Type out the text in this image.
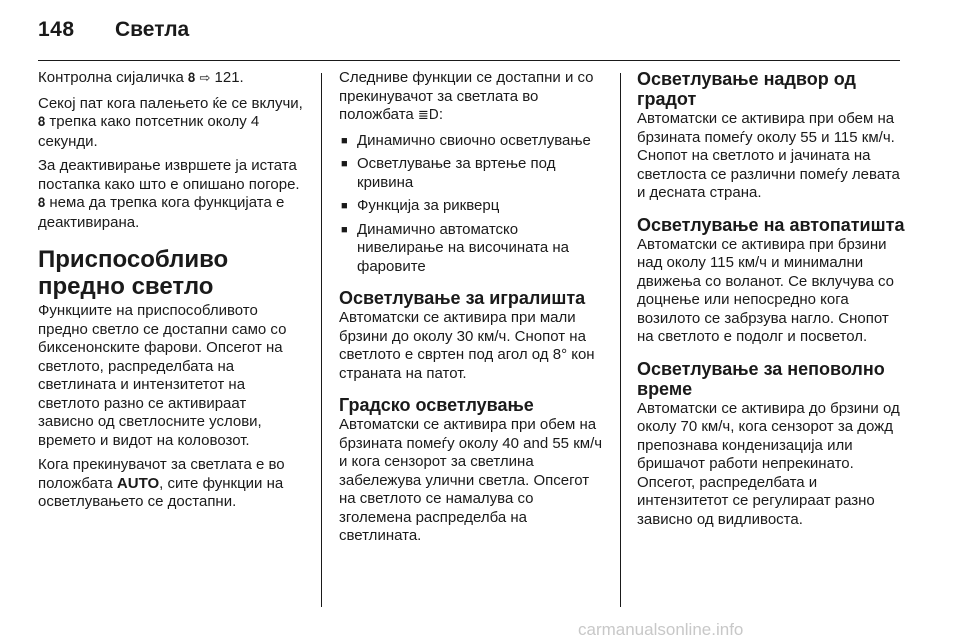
148 Светла

Контролна сијаличка 𝟖 ⇨ 121.

Секој пат кога палењето ќе се вклучи, 𝟖 трепка како потсетник околу 4 секунди.

За деактивирање извршете ја истата постапка како што е опишано погоре. 𝟖 нема да трепка кога функцијата е деактивирана.

Приспособливо предно светло

Функциите на приспособливото предно светло се достапни само со биксенонските фарови. Опсегот на светлото, распределбата на светлината и интензитетот на светлото разно се активираат зависно од светлосните услови, времето и видот на коловозот.

Кога прекинувачот за светлата е во положбата AUTO, сите функции на осветлувањето се достапни.

Следниве функции се достапни и со прекинувачот за светлата во положбата ≣D:

■ Динамично свиочно осветлување
■ Осветлување за вртење под кривина
■ Функција за рикверц
■ Динамично автоматско нивелирање на височината на фаровите
Осветлување за игралишта

Автоматски се активира при мали брзини до околу 30 км/ч. Снопот на светлото е свртен под агол од 8° кон страната на патот.

Градско осветлување

Автоматски се активира при обем на брзината помеѓу околу 40 and 55 км/ч и кога сензорот за светлина забележува улични светла. Опсегот на светлото се намалува со зголемена распределба на светлината.

Осветлување надвор од градот

Автоматски се активира при обем на брзината помеѓу околу 55 и 115 км/ч. Снопот на светлото и јачината на светлоста се различни помеѓу левата и десната страна.

Осветлување на автопатишта

Автоматски се активира при брзини над околу 115 км/ч и минимални движења со воланот. Се вклучува со доцнење или непосредно кога возилото се забрзува нагло. Снопот на светлото е подолг и посветол.

Осветлување за неповолно време

Автоматски се активира до брзини од околу 70 км/ч, кога сензорот за дожд препознава конденизација или бришачот работи непрекинато. Опсегот, распределбата и интензитетот се регулираат разно зависно од видливоста.

carmanualsonline.info
